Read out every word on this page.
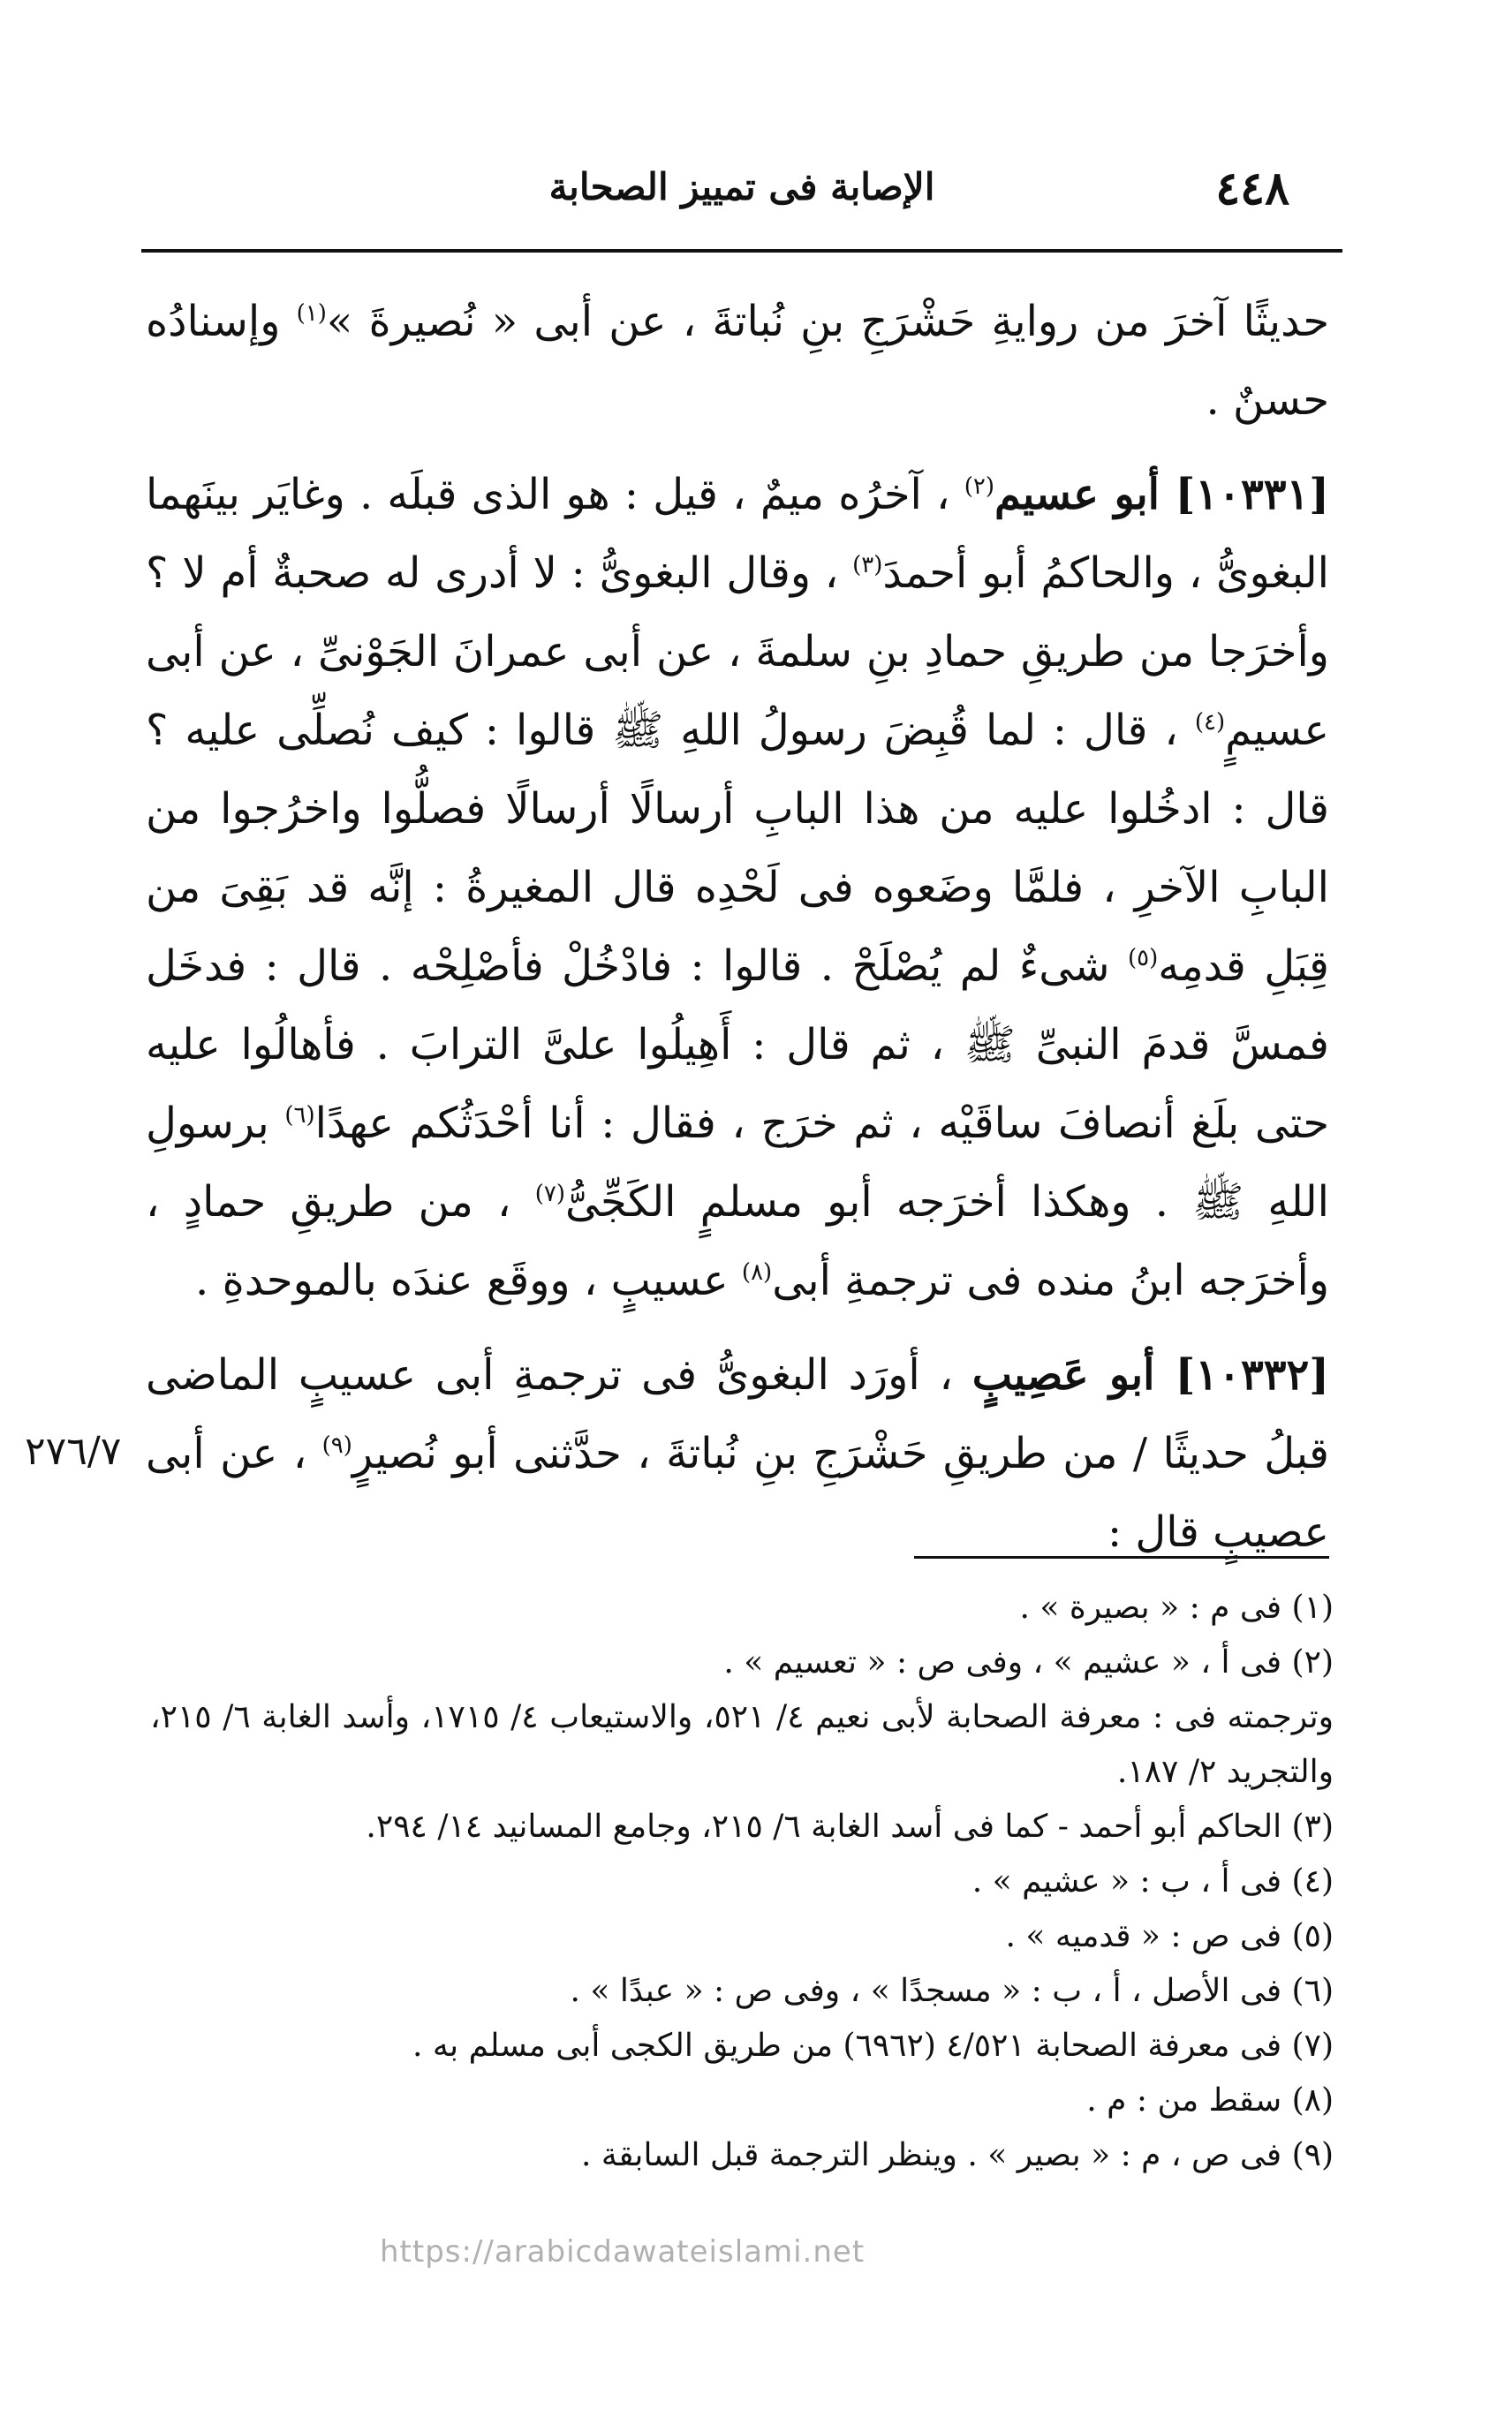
٤٤٨
الإصابة فى تمييز الصحابة

حديثًا آخرَ من روايةِ حَشْرَجِ بنِ نُباتةَ ، عن أبى « نُصيرةَ »$^{(١)}$ وإسنادُه حسنٌ .

[١٠٣٣١] أبو عسيم$^{(٢)}$ ، آخرُه ميمٌ ، قيل : هو الذى قبلَه . وغايَر بينَهما البغوىُّ ، والحاكمُ أبو أحمدَ$^{(٣)}$ ، وقال البغوىُّ : لا أدرى له صحبةٌ أم لا ؟ وأخرَجا من طريقِ حمادِ بنِ سلمةَ ، عن أبى عمرانَ الجَوْنىِّ ، عن أبى عسيمٍ$^{(٤)}$ ، قال : لما قُبِضَ رسولُ اللهِ ﷺ قالوا : كيف نُصلِّى عليه ؟ قال : ادخُلوا عليه من هذا البابِ أرسالًا أرسالًا فصلُّوا واخرُجوا من البابِ الآخرِ ، فلمَّا وضَعوه فى لَحْدِه قال المغيرةُ : إنَّه قد بَقِىَ من قِبَلِ قدمِه$^{(٥)}$ شىءٌ لم يُصْلَحْ . قالوا : فادْخُلْ فأصْلِحْه . قال : فدخَل فمسَّ قدمَ النبىِّ ﷺ ، ثم قال : أَهِيلُوا علىَّ الترابَ . فأهالُوا عليه حتى بلَغ أنصافَ ساقَيْه ، ثم خرَج ، فقال : أنا أحْدَثُكم عهدًا$^{(٦)}$ برسولِ اللهِ ﷺ . وهكذا أخرَجه أبو مسلمٍ الكَجِّىُّ$^{(٧)}$ ، من طريقِ حمادٍ ، وأخرَجه ابنُ منده فى ترجمةِ أبى$^{(٨)}$ عسيبٍ ، ووقَع عندَه بالموحدةِ .

[١٠٣٣٢] أبو عَصِيبٍ ، أورَد البغوىُّ فى ترجمةِ أبى عسيبٍ الماضى قبلُ حديثًا / من طريقِ حَشْرَجِ بنِ نُباتةَ ، حدَّثنى أبو نُصيرٍ$^{(٩)}$ ، عن أبى عصيبٍ قال :

٢٧٦/٧

(١) فى م : « بصيرة » .

(٢) فى أ ، « عشيم » ، وفى ص : « تعسيم » .

وترجمته فى : معرفة الصحابة لأبى نعيم ٤/ ٥٢١، والاستيعاب ٤/ ١٧١٥، وأسد الغابة ٦/ ٢١٥، والتجريد ٢/ ١٨٧.

(٣) الحاكم أبو أحمد - كما فى أسد الغابة ٦/ ٢١٥، وجامع المسانيد ١٤/ ٢٩٤.

(٤) فى أ ، ب : « عشيم » .

(٥) فى ص : « قدميه » .

(٦) فى الأصل ، أ ، ب : « مسجدًا » ، وفى ص : « عبدًا » .

(٧) فى معرفة الصحابة ٤/٥٢١ (٦٩٦٢) من طريق الكجى أبى مسلم به .

(٨) سقط من : م .

(٩) فى ص ، م : « بصير » . وينظر الترجمة قبل السابقة .

https://arabicdawateislami.net
